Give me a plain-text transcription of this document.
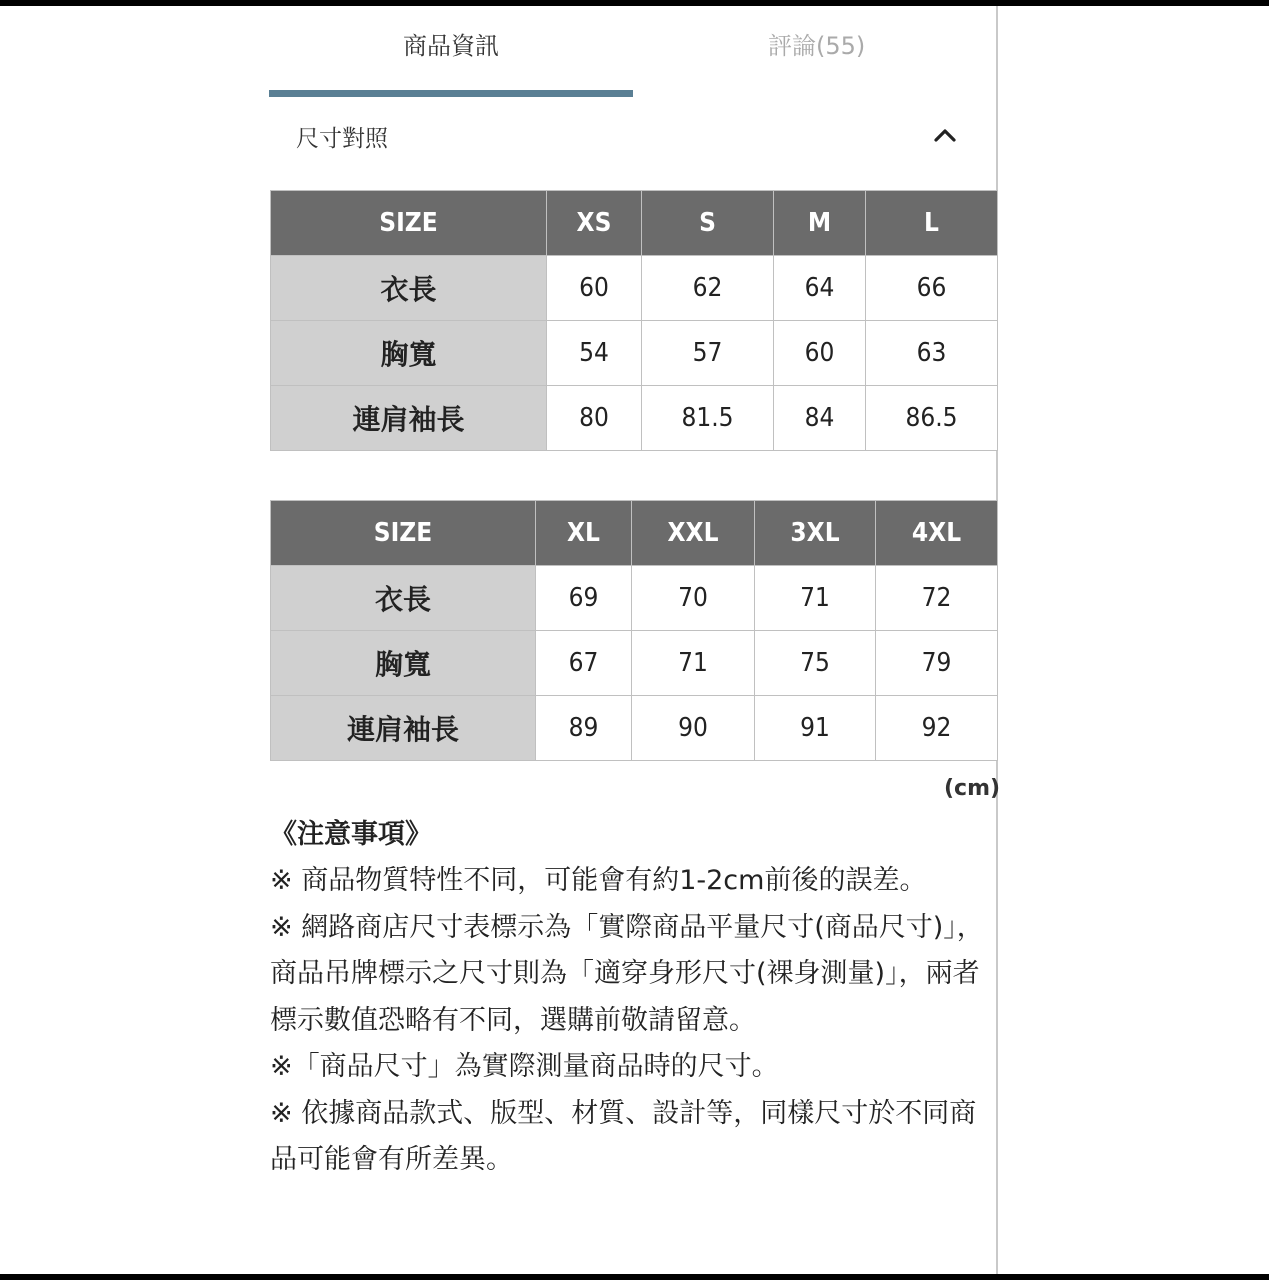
商品資訊	評論(55)
尺寸對照
SIZE	XS	S	M	L
衣長	60	62	64	66
胸寬	54	57	60	63
連肩袖長	80	81.5	84	86.5
SIZE	XL	XXL	3XL	4XL
衣長	69	70	71	72
胸寬	67	71	75	79
連肩袖長	89	90	91	92
(cm)
《注意事項》
※ 商品物質特性不同，可能會有約1-2cm前後的誤差。
※ 網路商店尺寸表標示為「實際商品平量尺寸(商品尺寸)」，商品吊牌標示之尺寸則為「適穿身形尺寸(裸身測量)」，兩者標示數值恐略有不同，選購前敬請留意。
※「商品尺寸」為實際測量商品時的尺寸。
※ 依據商品款式、版型、材質、設計等，同樣尺寸於不同商品可能會有所差異。
